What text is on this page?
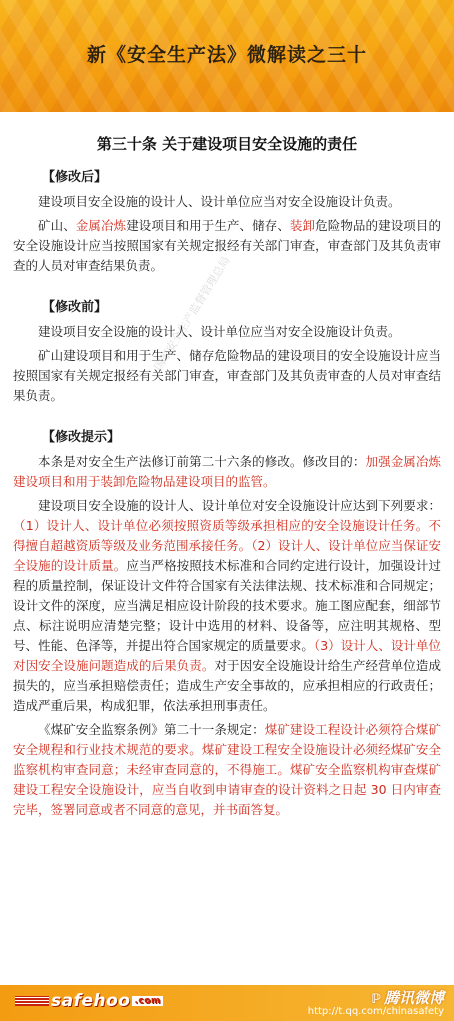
新《安全生产法》微解读之三十
第三十条 关于建设项目安全设施的责任
【修改后】
建设项目安全设施的设计人、设计单位应当对安全设施设计负责。
矿山、金属冶炼建设项目和用于生产、储存、装卸危险物品的建设项目的安全设施设计应当按照国家有关规定报经有关部门审查，审查部门及其负责审查的人员对审查结果负责。
【修改前】
建设项目安全设施的设计人、设计单位应当对安全设施设计负责。
矿山建设项目和用于生产、储存危险物品的建设项目的安全设施设计应当按照国家有关规定报经有关部门审查，审查部门及其负责审查的人员对审查结果负责。
【修改提示】
本条是对安全生产法修订前第二十六条的修改。修改目的：加强金属冶炼建设项目和用于装卸危险物品建设项目的监管。
建设项目安全设施的设计人、设计单位对安全设施设计应达到下列要求：（1）设计人、设计单位必须按照资质等级承担相应的安全设施设计任务。不得擅自超越资质等级及业务范围承接任务。（2）设计人、设计单位应当保证安全设施的设计质量。应当严格按照技术标准和合同约定进行设计，加强设计过程的质量控制，保证设计文件符合国家有关法律法规、技术标准和合同规定；设计文件的深度，应当满足相应设计阶段的技术要求。施工图应配套，细部节点、标注说明应清楚完整；设计中选用的材料、设备等，应注明其规格、型号、性能、色泽等，并提出符合国家规定的质量要求。（3）设计人、设计单位对因安全设施问题造成的后果负责。对于因安全设施设计给生产经营单位造成损失的，应当承担赔偿责任；造成生产安全事故的，应承担相应的行政责任；造成严重后果，构成犯罪，依法承担刑事责任。
《煤矿安全监察条例》第二十一条规定：煤矿建设工程设计必须符合煤矿安全规程和行业技术规范的要求。煤矿建设工程安全设施设计必须经煤矿安全监察机构审查同意；未经审查同意的，不得施工。煤矿安全监察机构审查煤矿建设工程安全设施设计，应当自收到申请审查的设计资料之日起 30 日内审查完毕，签署同意或者不同意的意见，并书面答复。
国家安全生产监督管理总局
safehoo .com	ℙ 腾讯微博
http://t.qq.com/chinasafety
